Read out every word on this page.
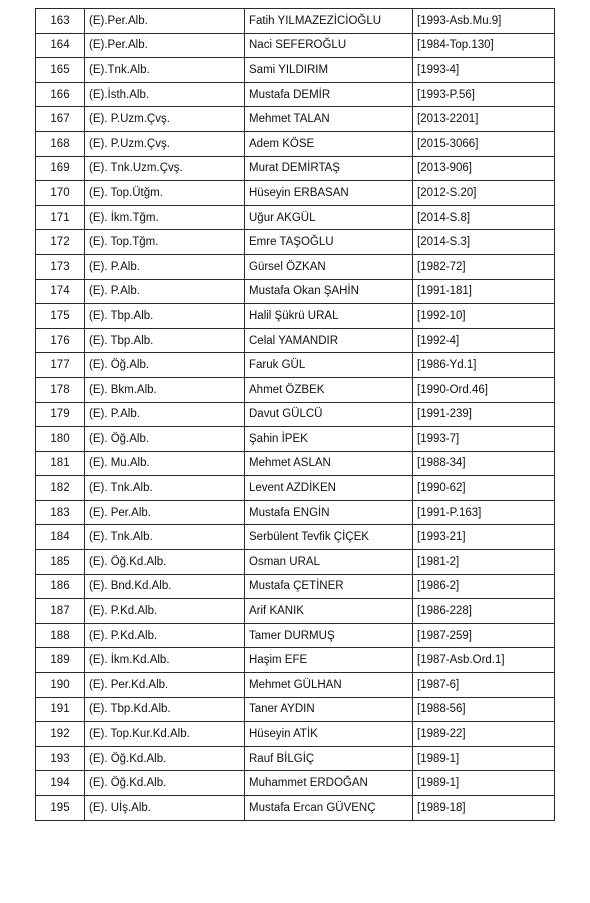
163	(E).Per.Alb.	Fatih YILMAZEZİCİOĞLU	[1993-Asb.Mu.9]
164	(E).Per.Alb.	Naci SEFEROĞLU	[1984-Top.130]
165	(E).Tnk.Alb.	Sami YILDIRIM	[1993-4]
166	(E).İsth.Alb.	Mustafa DEMİR	[1993-P.56]
167	(E). P.Uzm.Çvş.	Mehmet TALAN	[2013-2201]
168	(E). P.Uzm.Çvş.	Adem KÖSE	[2015-3066]
169	(E). Tnk.Uzm.Çvş.	Murat DEMİRTAŞ	[2013-906]
170	(E). Top.Ütğm.	Hüseyin ERBASAN	[2012-S.20]
171	(E). İkm.Tğm.	Uğur AKGÜL	[2014-S.8]
172	(E). Top.Tğm.	Emre TAŞOĞLU	[2014-S.3]
173	(E). P.Alb.	Gürsel ÖZKAN	[1982-72]
174	(E). P.Alb.	Mustafa Okan ŞAHİN	[1991-181]
175	(E). Tbp.Alb.	Halil Şükrü URAL	[1992-10]
176	(E). Tbp.Alb.	Celal YAMANDIR	[1992-4]
177	(E). Öğ.Alb.	Faruk GÜL	[1986-Yd.1]
178	(E). Bkm.Alb.	Ahmet ÖZBEK	[1990-Ord.46]
179	(E). P.Alb.	Davut GÜLCÜ	[1991-239]
180	(E). Öğ.Alb.	Şahin İPEK	[1993-7]
181	(E). Mu.Alb.	Mehmet ASLAN	[1988-34]
182	(E). Tnk.Alb.	Levent AZDİKEN	[1990-62]
183	(E). Per.Alb.	Mustafa ENGİN	[1991-P.163]
184	(E). Tnk.Alb.	Serbülent Tevfik ÇİÇEK	[1993-21]
185	(E). Öğ.Kd.Alb.	Osman URAL	[1981-2]
186	(E). Bnd.Kd.Alb.	Mustafa ÇETİNER	[1986-2]
187	(E). P.Kd.Alb.	Arif KANIK	[1986-228]
188	(E). P.Kd.Alb.	Tamer DURMUŞ	[1987-259]
189	(E). İkm.Kd.Alb.	Haşim EFE	[1987-Asb.Ord.1]
190	(E). Per.Kd.Alb.	Mehmet GÜLHAN	[1987-6]
191	(E). Tbp.Kd.Alb.	Taner AYDIN	[1988-56]
192	(E). Top.Kur.Kd.Alb.	Hüseyin ATİK	[1989-22]
193	(E). Öğ.Kd.Alb.	Rauf BİLGİÇ	[1989-1]
194	(E). Öğ.Kd.Alb.	Muhammet ERDOĞAN	[1989-1]
195	(E). Uİş.Alb.	Mustafa Ercan GÜVENÇ	[1989-18]
